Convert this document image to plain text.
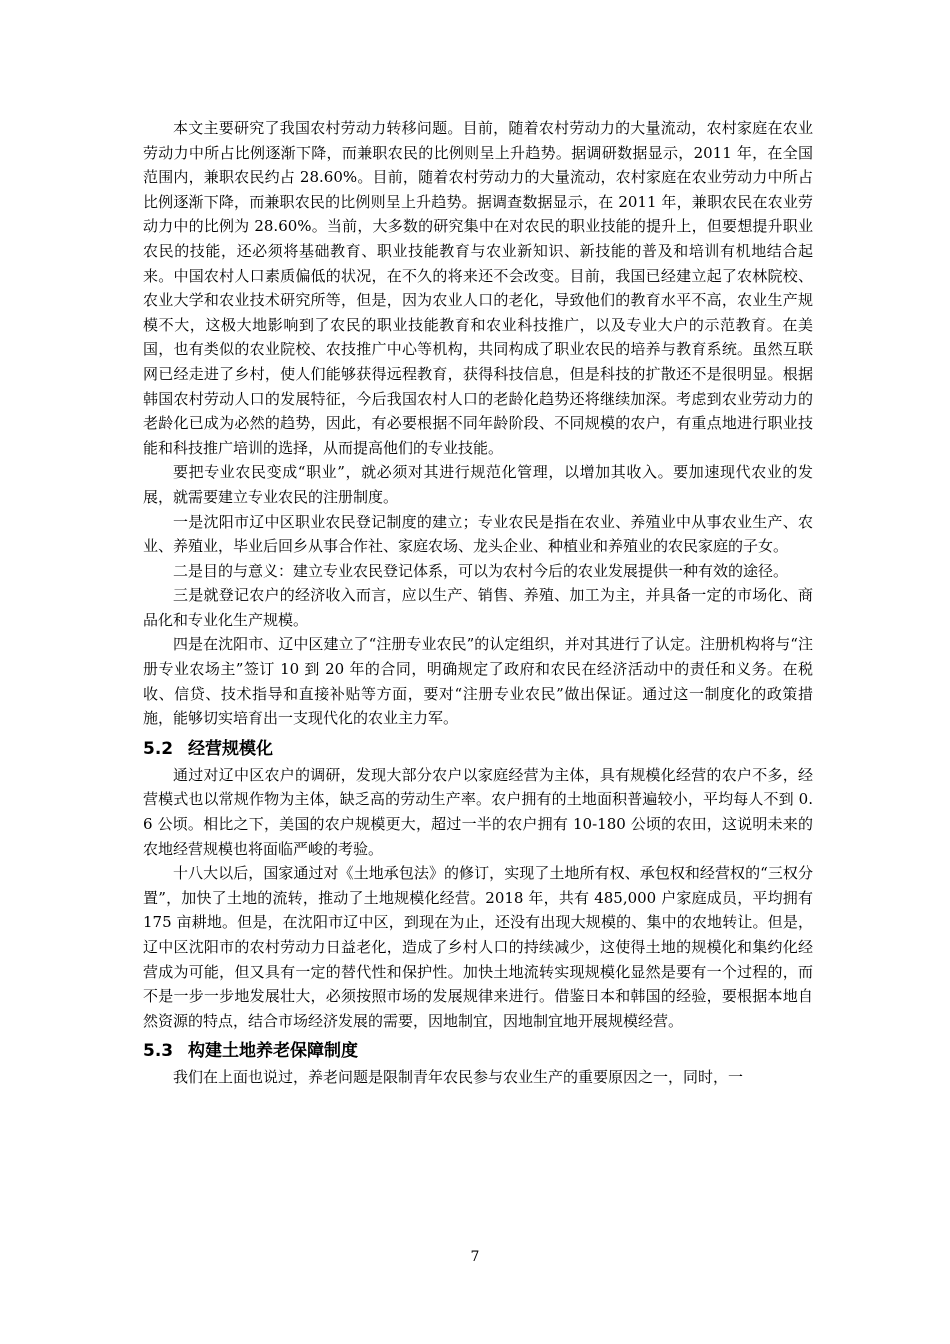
本文主要研究了我国农村劳动力转移问题。目前，随着农村劳动力的大量流动，农村家庭在农业劳动力中所占比例逐渐下降，而兼职农民的比例则呈上升趋势。据调研数据显示，2011 年，在全国范围内，兼职农民约占 28.60%。目前，随着农村劳动力的大量流动，农村家庭在农业劳动力中所占比例逐渐下降，而兼职农民的比例则呈上升趋势。据调查数据显示，在 2011 年，兼职农民在农业劳动力中的比例为 28.60%。当前，大多数的研究集中在对农民的职业技能的提升上，但要想提升职业农民的技能，还必须将基础教育、职业技能教育与农业新知识、新技能的普及和培训有机地结合起来。中国农村人口素质偏低的状况，在不久的将来还不会改变。目前，我国已经建立起了农林院校、农业大学和农业技术研究所等，但是，因为农业人口的老化，导致他们的教育水平不高，农业生产规模不大，这极大地影响到了农民的职业技能教育和农业科技推广，以及专业大户的示范教育。在美国，也有类似的农业院校、农技推广中心等机构，共同构成了职业农民的培养与教育系统。虽然互联网已经走进了乡村，使人们能够获得远程教育，获得科技信息，但是科技的扩散还不是很明显。根据韩国农村劳动人口的发展特征，今后我国农村人口的老龄化趋势还将继续加深。考虑到农业劳动力的老龄化已成为必然的趋势，因此，有必要根据不同年龄阶段、不同规模的农户，有重点地进行职业技能和科技推广培训的选择，从而提高他们的专业技能。

要把专业农民变成“职业”，就必须对其进行规范化管理，以增加其收入。要加速现代农业的发展，就需要建立专业农民的注册制度。

一是沈阳市辽中区职业农民登记制度的建立；专业农民是指在农业、养殖业中从事农业生产、农业、养殖业，毕业后回乡从事合作社、家庭农场、龙头企业、种植业和养殖业的农民家庭的子女。

二是目的与意义：建立专业农民登记体系，可以为农村今后的农业发展提供一种有效的途径。

三是就登记农户的经济收入而言，应以生产、销售、养殖、加工为主，并具备一定的市场化、商品化和专业化生产规模。

四是在沈阳市、辽中区建立了“注册专业农民”的认定组织，并对其进行了认定。注册机构将与“注册专业农场主”签订 10 到 20 年的合同，明确规定了政府和农民在经济活动中的责任和义务。在税收、信贷、技术指导和直接补贴等方面，要对“注册专业农民”做出保证。通过这一制度化的政策措施，能够切实培育出一支现代化的农业主力军。

5.2 经营规模化

通过对辽中区农户的调研，发现大部分农户以家庭经营为主体，具有规模化经营的农户不多，经营模式也以常规作物为主体，缺乏高的劳动生产率。农户拥有的土地面积普遍较小，平均每人不到 0.6 公顷。相比之下，美国的农户规模更大，超过一半的农户拥有 10-180 公顷的农田，这说明未来的农地经营规模也将面临严峻的考验。

十八大以后，国家通过对《土地承包法》的修订，实现了土地所有权、承包权和经营权的“三权分置”，加快了土地的流转，推动了土地规模化经营。2018 年，共有 485,000 户家庭成员，平均拥有 175 亩耕地。但是，在沈阳市辽中区，到现在为止，还没有出现大规模的、集中的农地转让。但是，辽中区沈阳市的农村劳动力日益老化，造成了乡村人口的持续减少，这使得土地的规模化和集约化经营成为可能，但又具有一定的替代性和保护性。加快土地流转实现规模化显然是要有一个过程的，而不是一步一步地发展壮大，必须按照市场的发展规律来进行。借鉴日本和韩国的经验，要根据本地自然资源的特点，结合市场经济发展的需要，因地制宜，因地制宜地开展规模经营。

5.3 构建土地养老保障制度

我们在上面也说过，养老问题是限制青年农民参与农业生产的重要原因之一，同时，一

7
